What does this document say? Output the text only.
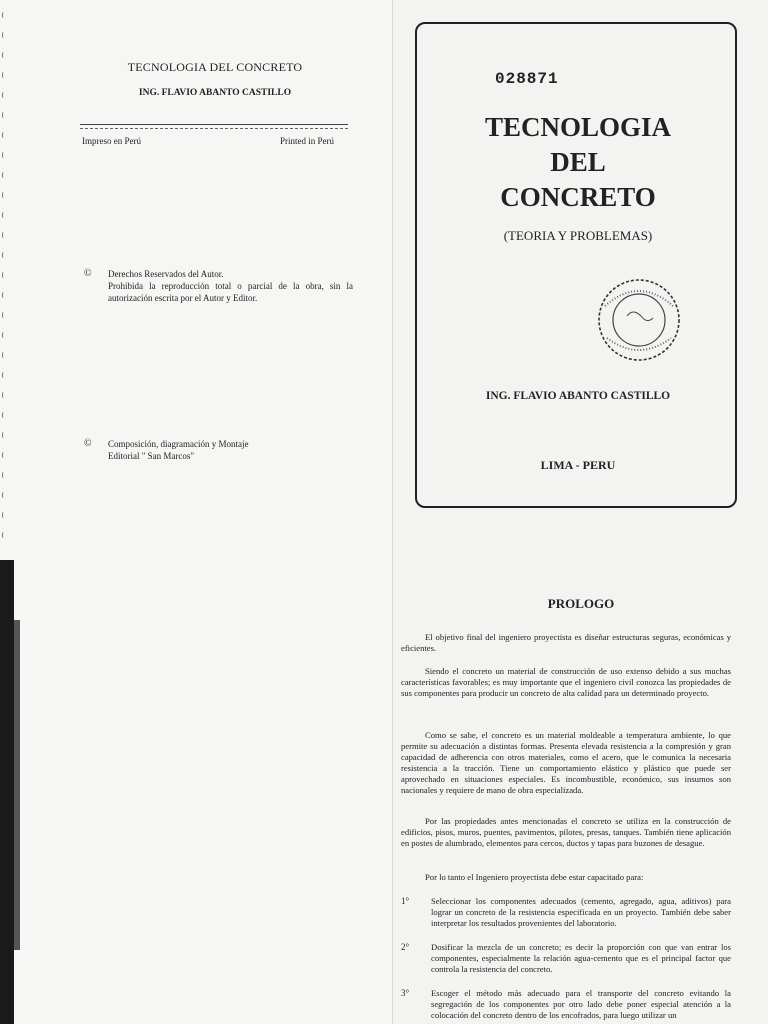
TECNOLOGIA DEL CONCRETO
ING. FLAVIO ABANTO CASTILLO
Impreso en Perú	Printed in Perú
© Derechos Reservados del Autor.
Prohibida la reproducción total o parcial de la obra, sin la autorización escrita por el Autor y Editor.
© Composición, diagramación y Montaje
Editorial " San Marcos"
028871
TECNOLOGIA
DEL
CONCRETO
(TEORIA Y PROBLEMAS)
ING. FLAVIO ABANTO CASTILLO
LIMA - PERU
PROLOGO

El objetivo final del ingeniero proyectista es diseñar estructuras seguras, económicas y eficientes.

Siendo el concreto un material de construcción de uso extenso debido a sus muchas características favorables; es muy importante que el ingeniero civil conozca las propiedades de sus componentes para producir un concreto de alta calidad para un determinado proyecto.

Como se sabe, el concreto es un material moldeable a temperatura ambiente, lo que permite su adecuación a distintas formas. Presenta elevada resistencia a la compresión y gran capacidad de adherencia con otros materiales, como el acero, que le comunica la necesaria resistencia a la tracción. Tiene un comportamiento elástico y plástico que puede ser aprovechado en situaciones especiales. Es incombustible, económico, sus insumos son nacionales y requiere de mano de obra especializada.

Por las propiedades antes mencionadas el concreto se utiliza en la construcción de edificios, pisos, muros, puentes, pavimentos, pilotes, presas, tanques. También tiene aplicación en postes de alumbrado, elementos para cercos, ductos y tapas para buzones de desague.

Por lo tanto el Ingeniero proyectista debe estar capacitado para:

1°	Seleccionar los componentes adecuados (cemento, agregado, agua, aditivos) para lograr un concreto de la resistencia especificada en un proyecto. También debe saber interpretar los resultados provenientes del laboratorio.
2°	Dosificar la mezcla de un concreto; es decir la proporción con que van entrar los componentes, especialmente la relación agua-cemento que es el principal factor que controla la resistencia del concreto.
3°	Escoger el método más adecuado para el transporte del concreto evitando la segregación de los componentes por otro lado debe poner especial atención a la colocación del concreto dentro de los encofrados, para luego utilizar un
